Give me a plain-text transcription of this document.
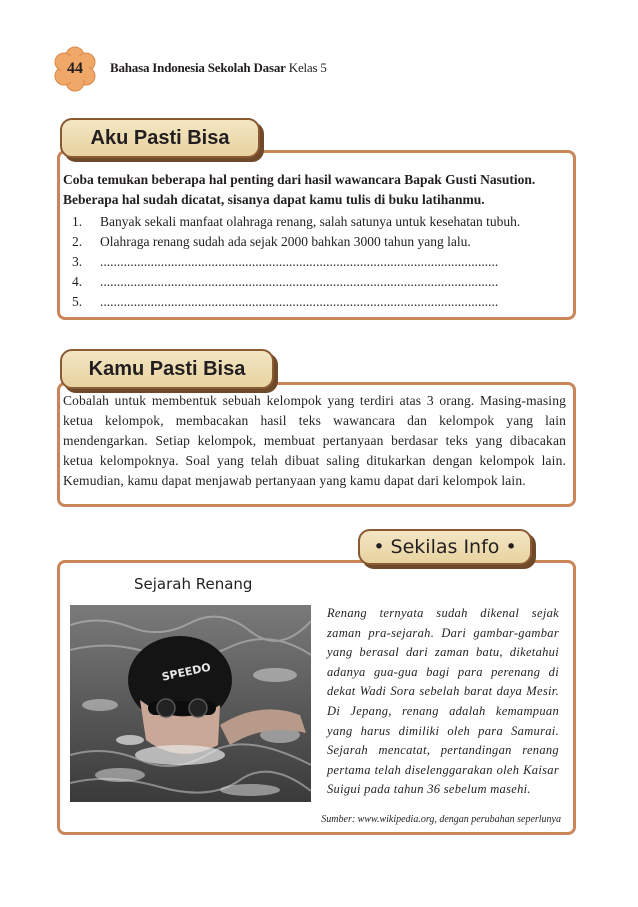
44	Bahasa Indonesia Sekolah Dasar Kelas 5
Aku Pasti Bisa
Coba temukan beberapa hal penting dari hasil wawancara Bapak Gusti Nasution. Beberapa hal sudah dicatat, sisanya dapat kamu tulis di buku latihanmu.
1.	Banyak sekali manfaat olahraga renang, salah satunya untuk kesehatan tubuh.
2.	Olahraga renang sudah ada sejak 2000 bahkan 3000 tahun yang lalu.
3.	......................................................................................................................
4.	......................................................................................................................
5.	......................................................................................................................
Kamu Pasti Bisa
Cobalah untuk membentuk sebuah kelompok yang terdiri atas 3 orang. Masing-masing ketua kelompok, membacakan hasil teks wawancara dan kelompok yang lain mendengarkan. Setiap kelompok, membuat pertanyaan berdasar teks yang dibacakan ketua kelompoknya. Soal yang telah dibuat saling ditukarkan dengan kelompok lain. Kemudian, kamu dapat menjawab pertanyaan yang kamu dapat dari kelompok lain.
• Sekilas Info •
Sejarah Renang
SPEEDO
Renang ternyata sudah dikenal sejak zaman pra-sejarah. Dari gambar-gambar yang berasal dari zaman batu, diketahui adanya gua-gua bagi para perenang di dekat Wadi Sora sebelah barat daya Mesir. Di Jepang, renang adalah kemampuan yang harus dimiliki oleh para Samurai. Sejarah mencatat, pertandingan renang pertama telah diselenggarakan oleh Kaisar Suigui pada tahun 36 sebelum masehi.
Sumber: www.wikipedia.org, dengan perubahan seperlunya
